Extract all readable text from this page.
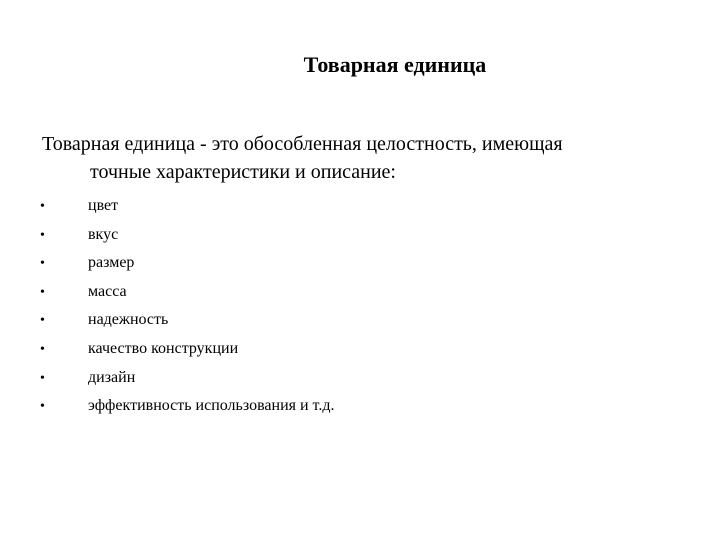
Товарная единица
Товарная единица - это обособленная целостность, имеющая
точные характеристики и описание:
•	цвет
•	вкус
•	размер
•	масса
•	надежность
•	качество конструкции
•	дизайн
•	эффективность использования и т.д.
